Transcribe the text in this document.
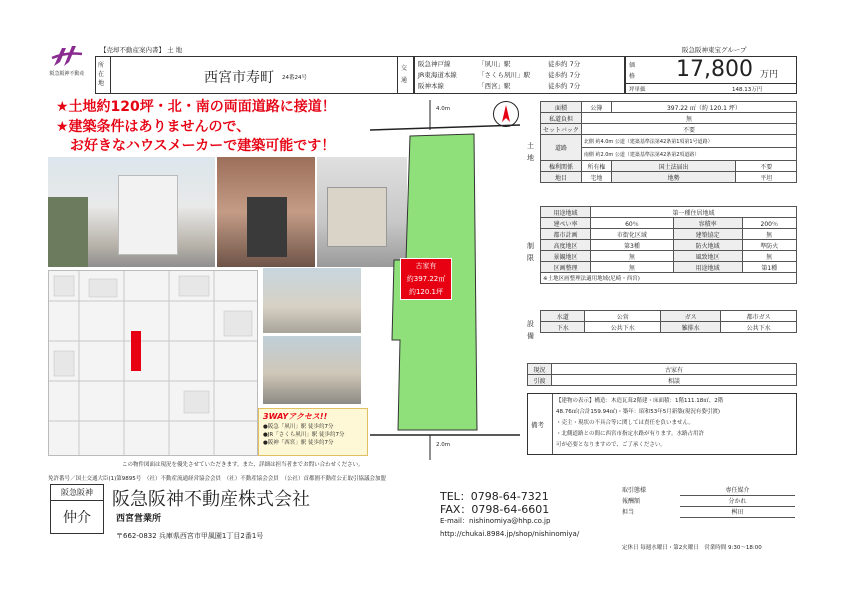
阪急阪神不動産
【売却不動産案内書】 土 地	阪急阪神東宝グループ
所在地	西宮市寿町 24番24号
交通
阪急神戸線	「夙川」駅	徒歩約 7分
JR東海道本線	「さくら夙川」駅	徒歩約 7分
阪神本線	「西宮」駅	徒歩約 7分
価格 17,800 万円
坪単価	148.13万円
★土地約120坪・北・南の両面道路に接道！
★建築条件はありませんので、
お好きなハウスメーカーで建築可能です！
3WAYアクセス!!
●阪急「夙川」駅 徒歩約7分
●JR「さくら夙川」駅 徒歩約7分
●阪神「西宮」駅 徒歩約7分
4.0m
2.0m
古家有
約397.22㎡
約120.1坪
土地
面積	公簿	397.22 ㎡（約 120.1 坪）	
私道負担	無		
セットバック	不要		
道路	北側 約4.0m 公道（建築基準法第42条第1項第1号道路）		
	南側 約2.0m 公道（建築基準法第42条第2項道路）		
権利関係	所有権	国土法届出	不要
地目	宅地	地勢	平坦
制限
用途地域	第一種住居地域		
建ぺい率	60％	容積率	200％
都市計画	市街化区域	建築協定	無
高度地区	第3種	防火地域	準防火
景観地区	無	風致地区	無
区画整理	無	用途地域	第1種
※土地区画整理法適用地域(尼崎・西宮)			
設備
水道	公営	ガス	都市ガス
下水	公共下水	雑排水	公共下水
現況	古家有
引渡	相談
備考
【建物の表示】構造：木造瓦葺2階建・床面積：1階111.18㎡、2階
48.76㎡(合計159.94㎡)・築年：昭和53年5月新築(現況有姿引渡)
・売主・現状の不具合等に関しては責任を負いません。
・北側道路との間に西宮市指定水路が有ります。水路占用許
可が必要となりますので、ご了承ください。
この物件図面は現況を優先させていただきます。また、詳細は担当者までお問い合わせください。
免許番号／国土交通大臣(1)第9895号　（社）不動産流通経営協会会員　（社）不動産協会会員　（公社）首都圏不動産公正取引協議会加盟
阪急阪神
仲介
阪急阪神不動産株式会社
西宮営業所
〒662-0832 兵庫県西宮市甲風園1丁目2番1号
TEL：0798-64-7321
FAX：0798-64-6601
E-mail：nishinomiya@hhp.co.jp
http://chukai.8984.jp/shop/nishinomiya/
取引態様	専任媒介
報酬額	分かれ
担当	桝田
定休日 毎週水曜日・第2火曜日　営業時間 9:30〜18:00
